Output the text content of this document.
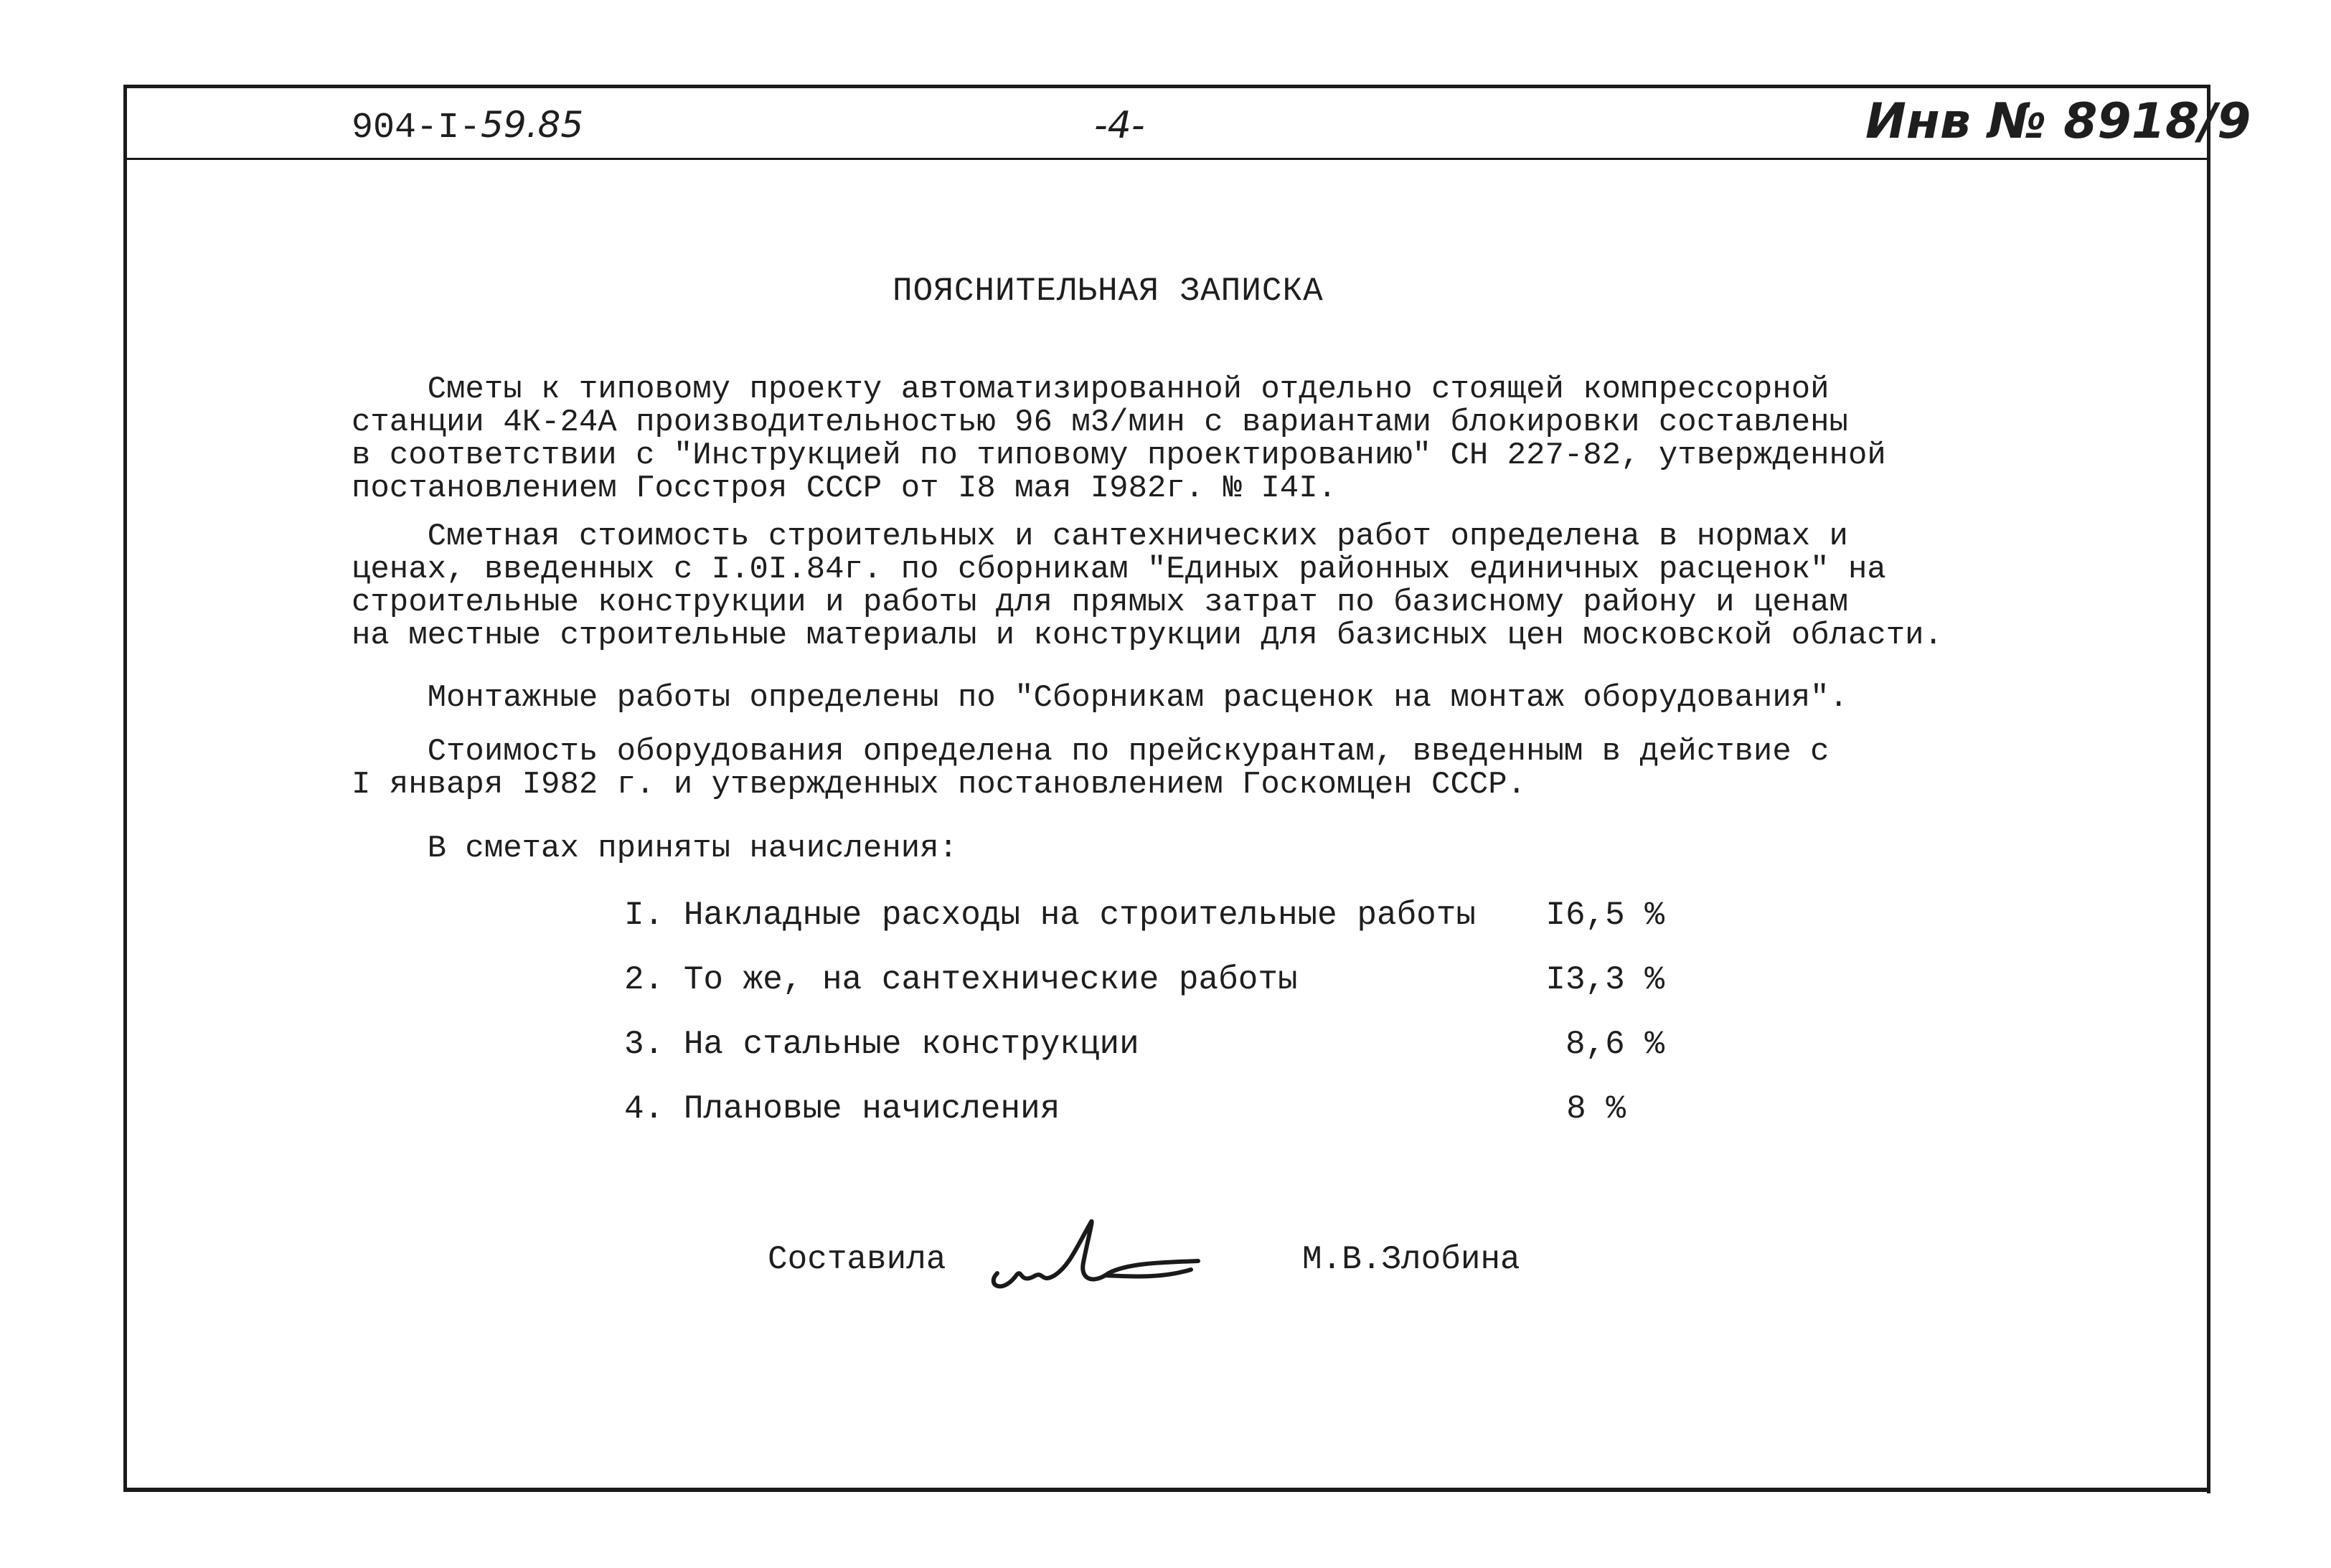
904-I-59.85	-4-	Инв № 8918/9
ПОЯСНИТЕЛЬНАЯ ЗАПИСКА

Сметы к типовому проекту автоматизированной отдельно стоящей компрессорной
станции 4К-24А производительностью 96 м3/мин с вариантами блокировки составлены
в соответствии с "Инструкцией по типовому проектированию" СН 227-82, утвержденной
постановлением Госстроя СССР от I8 мая I982г. № I4I.

Сметная стоимость строительных и сантехнических работ определена в нормах и
ценах, введенных с I.0I.84г. по сборникам "Единых районных единичных расценок" на
строительные конструкции и работы для прямых затрат по базисному району и ценам
на местные строительные материалы и конструкции для базисных цен московской области.

Монтажные работы определены по "Сборникам расценок на монтаж оборудования".

Стоимость оборудования определена по прейскурантам, введенным в действие с
I января I982 г. и утвержденных постановлением Госкомцен СССР.

В сметах приняты начисления:

I. Накладные расходы на строительные работы	I6,5 %
2. То же, на сантехнические работы	I3,3 %
3. На стальные конструкции	8,6 %
4. Плановые начисления	8 %
Составила	М.В.Злобина
